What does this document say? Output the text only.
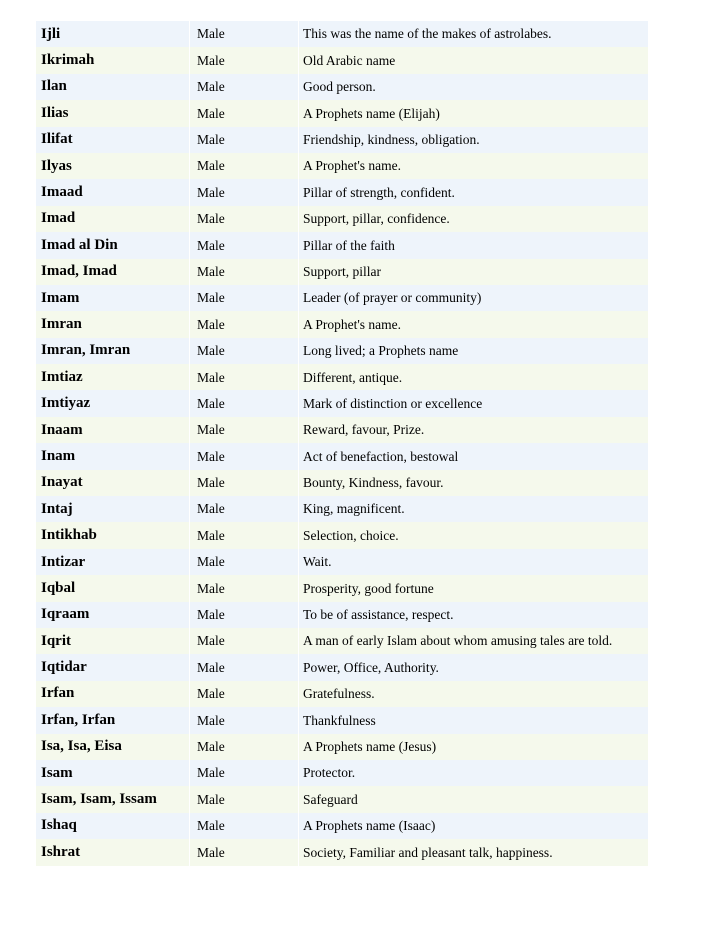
Ijli	Male	This was the name of the makes of astrolabes.
Ikrimah	Male	Old Arabic name
Ilan	Male	Good person.
Ilias	Male	A Prophets name (Elijah)
Ilifat	Male	Friendship, kindness, obligation.
Ilyas	Male	A Prophet's name.
Imaad	Male	Pillar of strength, confident.
Imad	Male	Support, pillar, confidence.
Imad al Din	Male	Pillar of the faith
Imad, Imad	Male	Support, pillar
Imam	Male	Leader (of prayer or community)
Imran	Male	A Prophet's name.
Imran, Imran	Male	Long lived; a Prophets name
Imtiaz	Male	Different, antique.
Imtiyaz	Male	Mark of distinction or excellence
Inaam	Male	Reward, favour, Prize.
Inam	Male	Act of benefaction, bestowal
Inayat	Male	Bounty, Kindness, favour.
Intaj	Male	King, magnificent.
Intikhab	Male	Selection, choice.
Intizar	Male	Wait.
Iqbal	Male	Prosperity, good fortune
Iqraam	Male	To be of assistance, respect.
Iqrit	Male	A man of early Islam about whom amusing tales are told.
Iqtidar	Male	Power, Office, Authority.
Irfan	Male	Gratefulness.
Irfan, Irfan	Male	Thankfulness
Isa, Isa, Eisa	Male	A Prophets name (Jesus)
Isam	Male	Protector.
Isam, Isam, Issam	Male	Safeguard
Ishaq	Male	A Prophets name (Isaac)
Ishrat	Male	Society, Familiar and pleasant talk, happiness.
